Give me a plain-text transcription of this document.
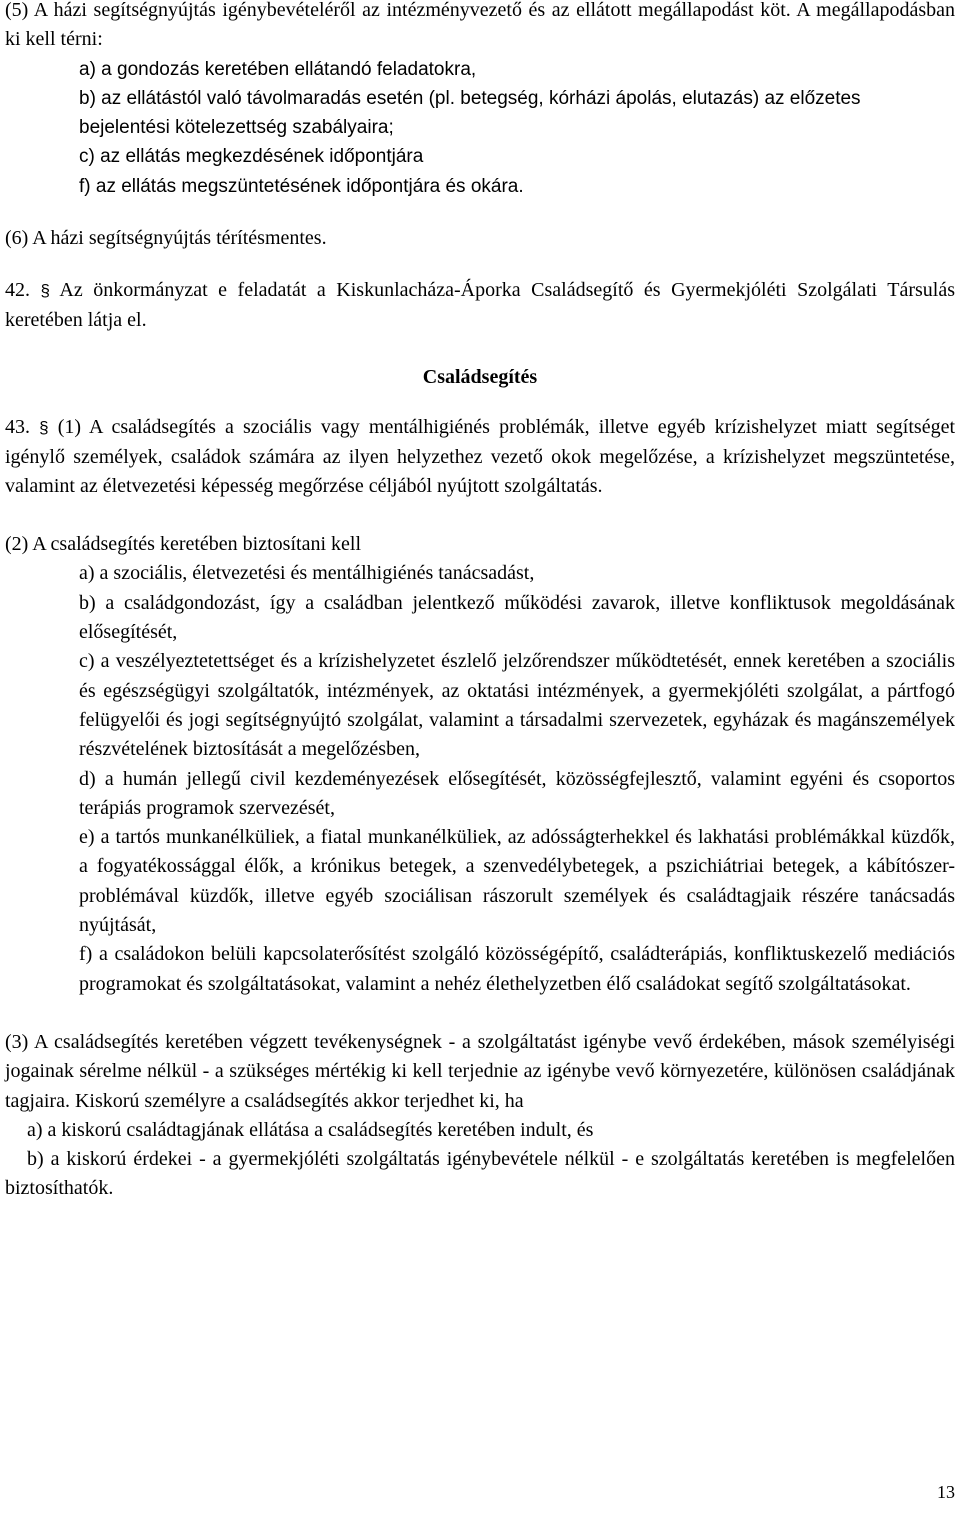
(5) A házi segítségnyújtás igénybevételéről az intézményvezető és az ellátott megállapodást köt. A megállapodásban ki kell térni:

a) a gondozás keretében ellátandó feladatokra,

b) az ellátástól való távolmaradás esetén (pl. betegség, kórházi ápolás, elutazás) az előzetes bejelentési kötelezettség szabályaira;

c) az ellátás megkezdésének időpontjára

f) az ellátás megszüntetésének időpontjára és okára.

(6) A házi segítségnyújtás térítésmentes.

42. § Az önkormányzat e feladatát a Kiskunlacháza-Áporka Családsegítő és Gyermekjóléti Szolgálati Társulás keretében látja el.

Családsegítés

43. § (1) A családsegítés a szociális vagy mentálhigiénés problémák, illetve egyéb krízishelyzet miatt segítséget igénylő személyek, családok számára az ilyen helyzethez vezető okok megelőzése, a krízishelyzet megszüntetése, valamint az életvezetési képesség megőrzése céljából nyújtott szolgáltatás.

(2) A családsegítés keretében biztosítani kell

a) a szociális, életvezetési és mentálhigiénés tanácsadást,

b) a családgondozást, így a családban jelentkező működési zavarok, illetve konfliktusok megoldásának elősegítését,

c) a veszélyeztetettséget és a krízishelyzetet észlelő jelzőrendszer működtetését, ennek keretében a szociális és egészségügyi szolgáltatók, intézmények, az oktatási intézmények, a gyermekjóléti szolgálat, a pártfogó felügyelői és jogi segítségnyújtó szolgálat, valamint a társadalmi szervezetek, egyházak és magánszemélyek részvételének biztosítását a megelőzésben,

d) a humán jellegű civil kezdeményezések elősegítését, közösségfejlesztő, valamint egyéni és csoportos terápiás programok szervezését,

e) a tartós munkanélküliek, a fiatal munkanélküliek, az adósságterhekkel és lakhatási problémákkal küzdők, a fogyatékossággal élők, a krónikus betegek, a szenvedélybetegek, a pszichiátriai betegek, a kábítószer-problémával küzdők, illetve egyéb szociálisan rászorult személyek és családtagjaik részére tanácsadás nyújtását,

f) a családokon belüli kapcsolaterősítést szolgáló közösségépítő, családterápiás, konfliktuskezelő mediációs programokat és szolgáltatásokat, valamint a nehéz élethelyzetben élő családokat segítő szolgáltatásokat.

(3) A családsegítés keretében végzett tevékenységnek - a szolgáltatást igénybe vevő érdekében, mások személyiségi jogainak sérelme nélkül - a szükséges mértékig ki kell terjednie az igénybe vevő környezetére, különösen családjának tagjaira. Kiskorú személyre a családsegítés akkor terjedhet ki, ha

a) a kiskorú családtagjának ellátása a családsegítés keretében indult, és

b) a kiskorú érdekei - a gyermekjóléti szolgáltatás igénybevétele nélkül - e szolgáltatás keretében is megfelelően biztosíthatók.

13
